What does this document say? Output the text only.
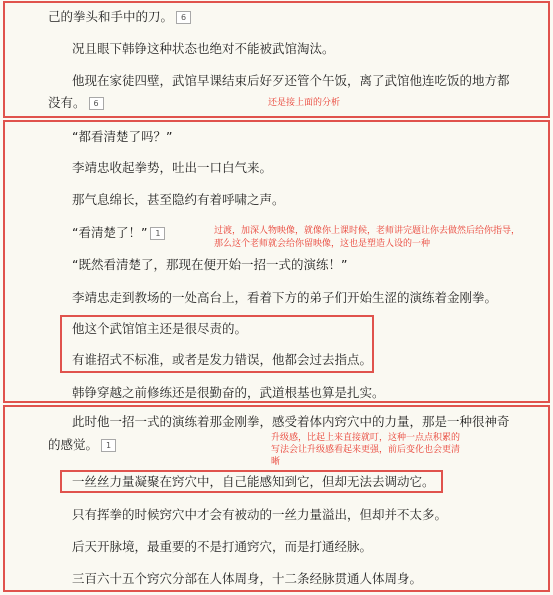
己的拳头和手中的刀。 6

况且眼下韩铮这种状态也绝对不能被武馆淘汰。

他现在家徒四壁，武馆早课结束后好歹还管个午饭，离了武馆他连吃饭的地方都

没有。 6	还是接上面的分析

“都看清楚了吗？”

李靖忠收起拳势，吐出一口白气来。

那气息绵长，甚至隐约有着呼啸之声。

“看清楚了！” 1	过渡，加深人物映像，就像你上课时候，老师讲完题让你去做然后给你指导，
那么这个老师就会给你留映像，这也是塑造人设的一种

“既然看清楚了，那现在便开始一招一式的演练！”

李靖忠走到教场的一处高台上，看着下方的弟子们开始生涩的演练着金刚拳。

他这个武馆馆主还是很尽责的。

有谁招式不标准，或者是发力错误，他都会过去指点。

韩铮穿越之前修练还是很勤奋的，武道根基也算是扎实。

此时他一招一式的演练着那金刚拳，感受着体内窍穴中的力量，那是一种很神奇

的感觉。 1

升级感，比起上来直接就叮，这种一点点积累的
写法会让升级感看起来更强，前后变化也会更清
晰

一丝丝力量凝聚在窍穴中，自己能感知到它，但却无法去调动它。

只有挥拳的时候窍穴中才会有被动的一丝力量溢出，但却并不太多。

后天开脉境，最重要的不是打通窍穴，而是打通经脉。

三百六十五个窍穴分部在人体周身，十二条经脉贯通人体周身。
